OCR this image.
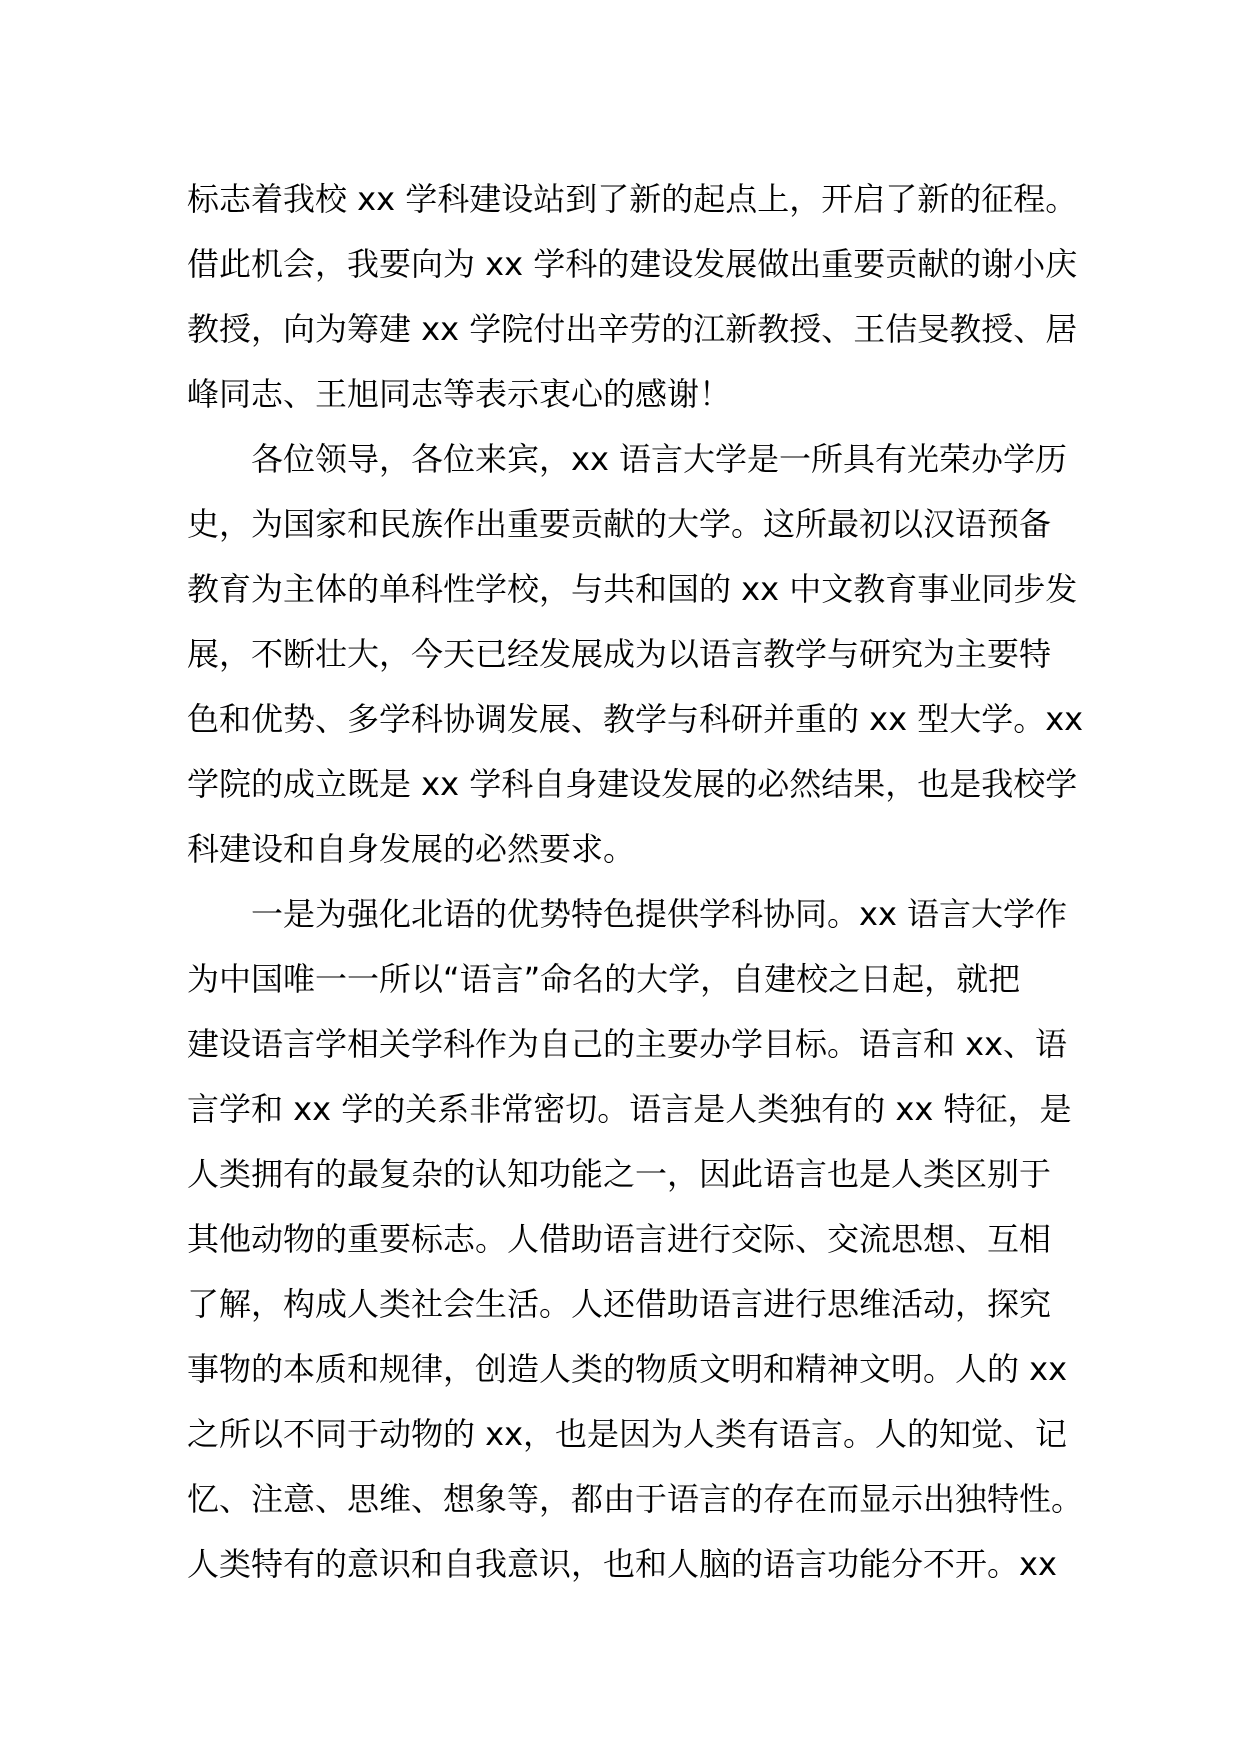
标志着我校 xx 学科建设站到了新的起点上，开启了新的征程。
借此机会，我要向为 xx 学科的建设发展做出重要贡献的谢小庆
教授，向为筹建 xx 学院付出辛劳的江新教授、王佶旻教授、居
峰同志、王旭同志等表示衷心的感谢！
各位领导，各位来宾，xx 语言大学是一所具有光荣办学历
史，为国家和民族作出重要贡献的大学。这所最初以汉语预备
教育为主体的单科性学校，与共和国的 xx 中文教育事业同步发
展，不断壮大，今天已经发展成为以语言教学与研究为主要特
色和优势、多学科协调发展、教学与科研并重的 xx 型大学。xx
学院的成立既是 xx 学科自身建设发展的必然结果，也是我校学
科建设和自身发展的必然要求。
一是为强化北语的优势特色提供学科协同。xx 语言大学作
为中国唯一一所以“语言”命名的大学，自建校之日起，就把
建设语言学相关学科作为自己的主要办学目标。语言和 xx、语
言学和 xx 学的关系非常密切。语言是人类独有的 xx 特征，是
人类拥有的最复杂的认知功能之一，因此语言也是人类区别于
其他动物的重要标志。人借助语言进行交际、交流思想、互相
了解，构成人类社会生活。人还借助语言进行思维活动，探究
事物的本质和规律，创造人类的物质文明和精神文明。人的 xx
之所以不同于动物的 xx，也是因为人类有语言。人的知觉、记
忆、注意、思维、想象等，都由于语言的存在而显示出独特性。
人类特有的意识和自我意识，也和人脑的语言功能分不开。xx
